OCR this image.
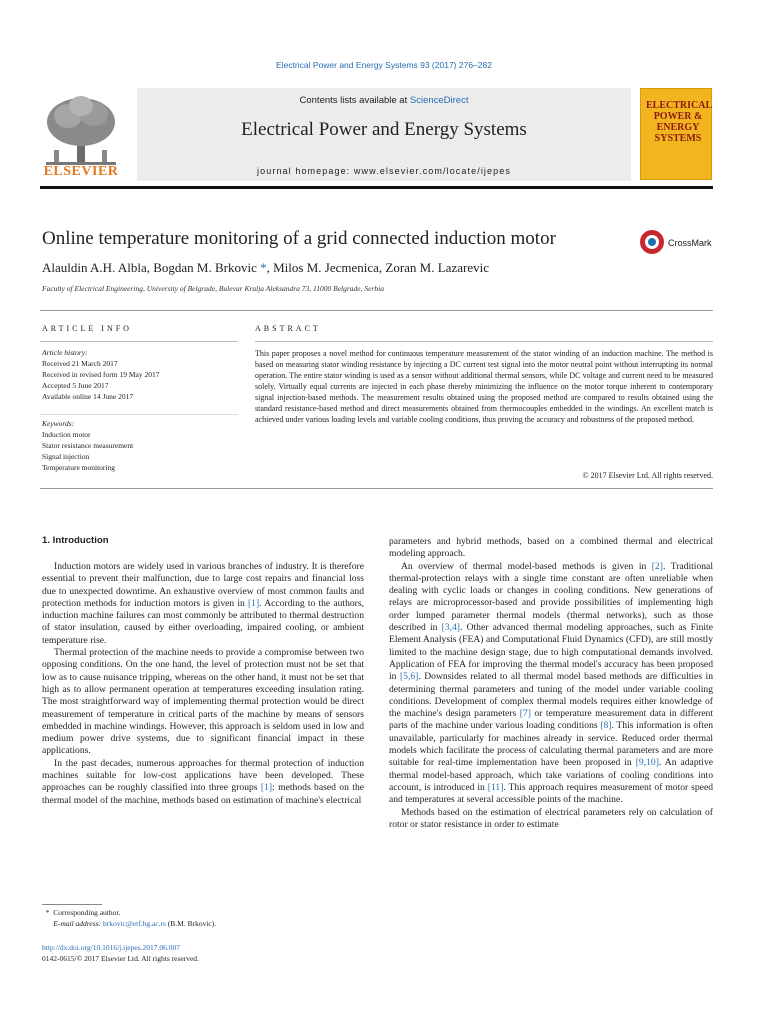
Electrical Power and Energy Systems 93 (2017) 276–282
Contents lists available at ScienceDirect
Electrical Power and Energy Systems
journal homepage: www.elsevier.com/locate/ijepes
ELSEVIER
ELECTRICAL POWER & ENERGY SYSTEMS
Online temperature monitoring of a grid connected induction motor
Alauldin A.H. Albla, Bogdan M. Brkovic *, Milos M. Jecmenica, Zoran M. Lazarevic
Faculty of Electrical Engineering, University of Belgrade, Bulevar Kralja Aleksandra 73, 11000 Belgrade, Serbia
CrossMark
ARTICLE INFO	ABSTRACT
Article history:
Received 21 March 2017
Received in revised form 19 May 2017
Accepted 5 June 2017
Available online 14 June 2017
Keywords:
Induction motor
Stator resistance measurement
Signal injection
Temperature monitoring
This paper proposes a novel method for continuous temperature measurement of the stator winding of an induction machine. The method is based on measuring stator winding resistance by injecting a DC current test signal into the motor neutral point without interrupting its normal operation. The entire stator winding is used as a sensor without additional thermal sensors, while DC voltage and current need to be measured solely. Virtually equal currents are injected in each phase thereby minimizing the influence on the motor torque inherent to contemporary signal injection-based methods. The measurement results obtained using the proposed method are compared to results obtained using the standard resistance-based method and direct measurements obtained from thermocouples embedded in the windings. An excellent match is achieved under various loading levels and variable cooling conditions, thus proving the accuracy and robustness of the proposed method.
© 2017 Elsevier Ltd. All rights reserved.
1. Introduction

Induction motors are widely used in various branches of industry. It is therefore essential to prevent their malfunction, due to large cost repairs and financial loss due to unexpected downtime. An exhaustive overview of most common faults and protection methods for induction motors is given in [1]. According to the authors, induction machine failures can most commonly be attributed to thermal destruction of stator insulation, caused by either overloading, impaired cooling, or ambient temperature rise.

Thermal protection of the machine needs to provide a compromise between two opposing conditions. On the one hand, the level of protection must not be set that low as to cause nuisance tripping, whereas on the other hand, it must not be set that high as to allow permanent operation at temperatures exceeding insulation rating. The most straightforward way of implementing thermal protection would be direct measurement of temperature in critical parts of the machine by means of sensors embedded in machine windings. However, this approach is seldom used in low and medium power drive systems, due to significant financial impact in these applications.

In the past decades, numerous approaches for thermal protection of induction machines suitable for low-cost applications have been developed. These approaches can be roughly classified into three groups [1]: methods based on the thermal model of the machine, methods based on estimation of machine's electrical

parameters and hybrid methods, based on a combined thermal and electrical modeling approach.

An overview of thermal model-based methods is given in [2]. Traditional thermal-protection relays with a single time constant are often unreliable when dealing with cyclic loads or changes in cooling conditions. New generations of relays are microprocessor-based and provide possibilities of implementing high order lumped parameter thermal models (thermal networks), such as those described in [3,4]. Other advanced thermal modeling approaches, such as Finite Element Analysis (FEA) and Computational Fluid Dynamics (CFD), are still mostly limited to the machine design stage, due to high computational demands involved. Application of FEA for improving the thermal model's accuracy has been proposed in [5,6]. Downsides related to all thermal model based methods are difficulties in determining thermal parameters and tuning of the model under variable cooling conditions. Development of complex thermal models requires either knowledge of the machine's design parameters [7] or temperature measurement data in different parts of the machine under various loading conditions [8]. This information is often unavailable, particularly for machines already in service. Reduced order thermal models which facilitate the process of calculating thermal parameters and are more suitable for real-time implementation have been proposed in [9,10]. An adaptive thermal model-based approach, which take variations of cooling conditions into account, is introduced in [11]. This approach requires measurement of motor speed and temperatures at several accessible points of the machine.

Methods based on the estimation of electrical parameters rely on calculation of rotor or stator resistance in order to estimate

* Corresponding author.
E-mail address: brkovic@etf.bg.ac.rs (B.M. Brkovic).
http://dx.doi.org/10.1016/j.ijepes.2017.06.007
0142-0615/© 2017 Elsevier Ltd. All rights reserved.
